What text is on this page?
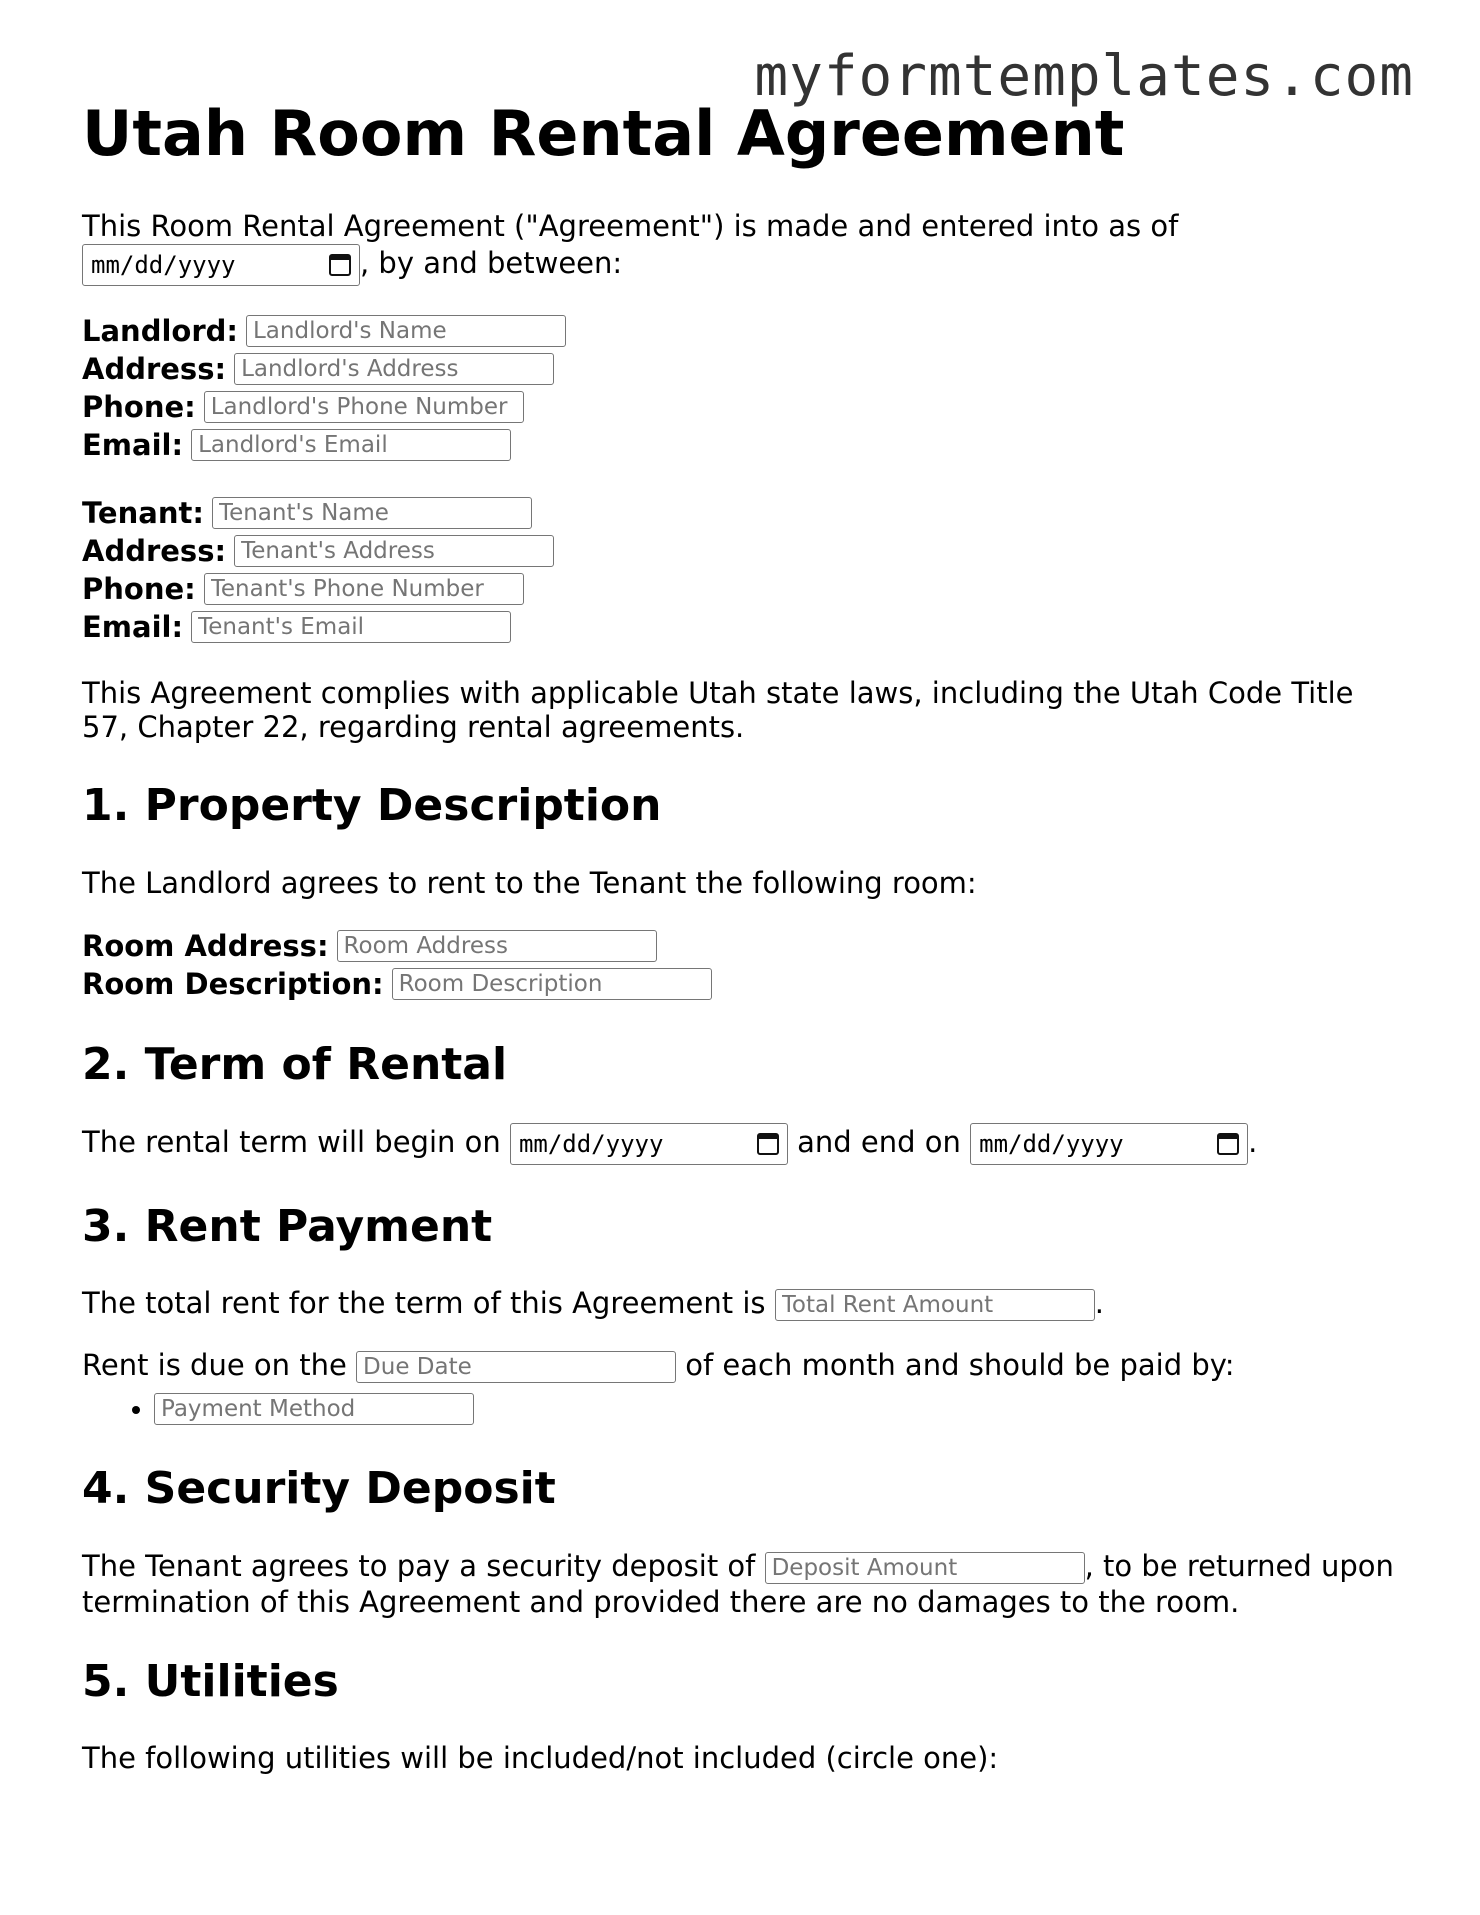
myformtemplates.com
Utah Room Rental Agreement

This Room Rental Agreement ("Agreement") is made and entered into as of

mm/dd/yyyy	, by and between:

Landlord:
Landlord's Name
Address:
Landlord's Address
Phone:
Landlord's Phone Number
Email:
Landlord's Email
Tenant:
Tenant's Name
Address:
Tenant's Address
Phone:
Tenant's Phone Number
Email:
Tenant's Email

This Agreement complies with applicable Utah state laws, including the Utah Code Title 57, Chapter 22, regarding rental agreements.

1. Property Description

The Landlord agrees to rent to the Tenant the following room:

Room Address:
Room Address
Room Description:
Room Description
2. Term of Rental

The rental term will begin on mm/dd/yyyy	and end on mm/dd/yyyy	.

3. Rent Payment

The total rent for the term of this Agreement is Total Rent Amount	.

Rent is due on the Due Date	of each month and should be paid by:

• Payment Method
4. Security Deposit

The Tenant agrees to pay a security deposit of Deposit Amount	, to be returned upon termination of this Agreement and provided there are no damages to the room.

5. Utilities

The following utilities will be included/not included (circle one):
